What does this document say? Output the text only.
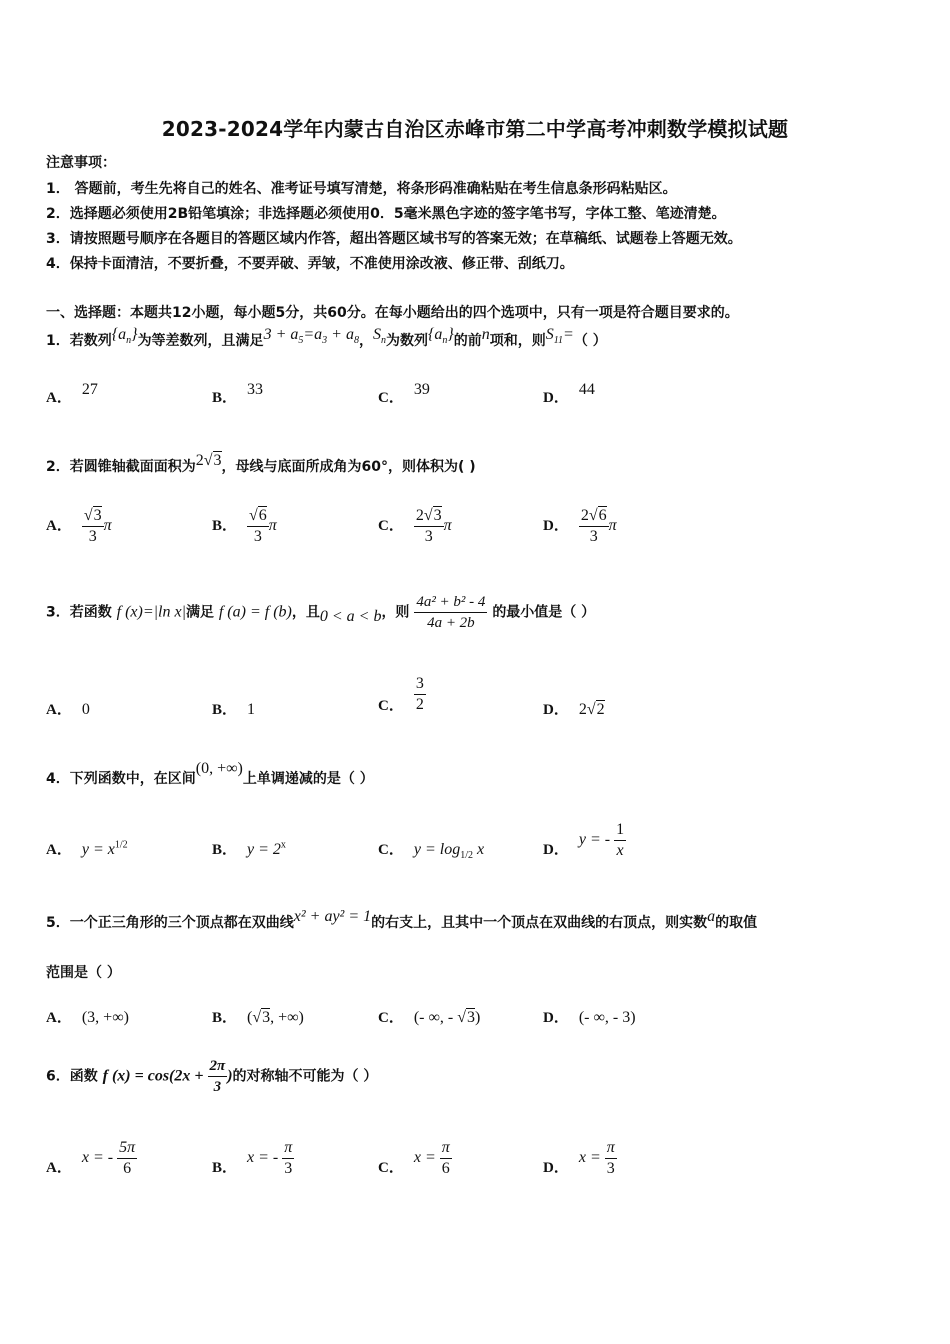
2023-2024学年内蒙古自治区赤峰市第二中学高考冲刺数学模拟试题
注意事项：
1． 答题前，考生先将自己的姓名、准考证号填写清楚，将条形码准确粘贴在考生信息条形码粘贴区。
2．选择题必须使用2B铅笔填涂；非选择题必须使用0．5毫米黑色字迹的签字笔书写，字体工整、笔迹清楚。
3．请按照题号顺序在各题目的答题区域内作答，超出答题区域书写的答案无效；在草稿纸、试题卷上答题无效。
4．保持卡面清洁，不要折叠，不要弄破、弄皱，不准使用涂改液、修正带、刮纸刀。
一、选择题：本题共12小题，每小题5分，共60分。在每小题给出的四个选项中，只有一项是符合题目要求的。
1．若数列$\{a_n\}$为等差数列，且满足$3 + a_5=a_3 + a_8$，$S_n$为数列$\{a_n\}$的前n项和，则$S_{11}=$（ ）
A． 27	B． 33	C． 39	D． 44
2．若圆锥轴截面面积为2√3，母线与底面所成角为60°，则体积为( )
A． $\frac{√3}{3}$ π	B． $\frac{√6}{3}$ π	C． $\frac{2√3}{3}$ π	D． $\frac{2√6}{3}$ π
3．若函数 f (x)=|ln x|满足 f (a) = f (b)，且0 < a < b，则 $\frac{\text{4a² + b² - 4}}{4a + 2b}$ 的最小值是（ ）
A． 0	B． 1	C． $\frac{3}{2}$	D． 2√2
4．下列函数中，在区间(0, +∞)上单调递减的是（ ）
A． $y = x^{1/2}$	B． $y = 2^x$	C． $y = \log_{1/2} x$	D．y = - $\frac{1}{x}$
5．一个正三角形的三个顶点都在双曲线x² + ay² = 1的右支上，且其中一个顶点在双曲线的右顶点，则实数a的取值
范围是（ ）
A． (3, +∞)	B． (√3, +∞)	C． (- ∞, - √3)	D． (- ∞, - 3)
6．函数 f $(x) = \cos(2x + \frac{2\pi}{3}$ )的对称轴不可能为（ ）
A．x = - $\frac{5\pi}{6}$	B．x = - $\frac{\pi}{3}$	C．$x = \frac{\pi}{6}$	D．$x = \frac{\pi}{3}$
